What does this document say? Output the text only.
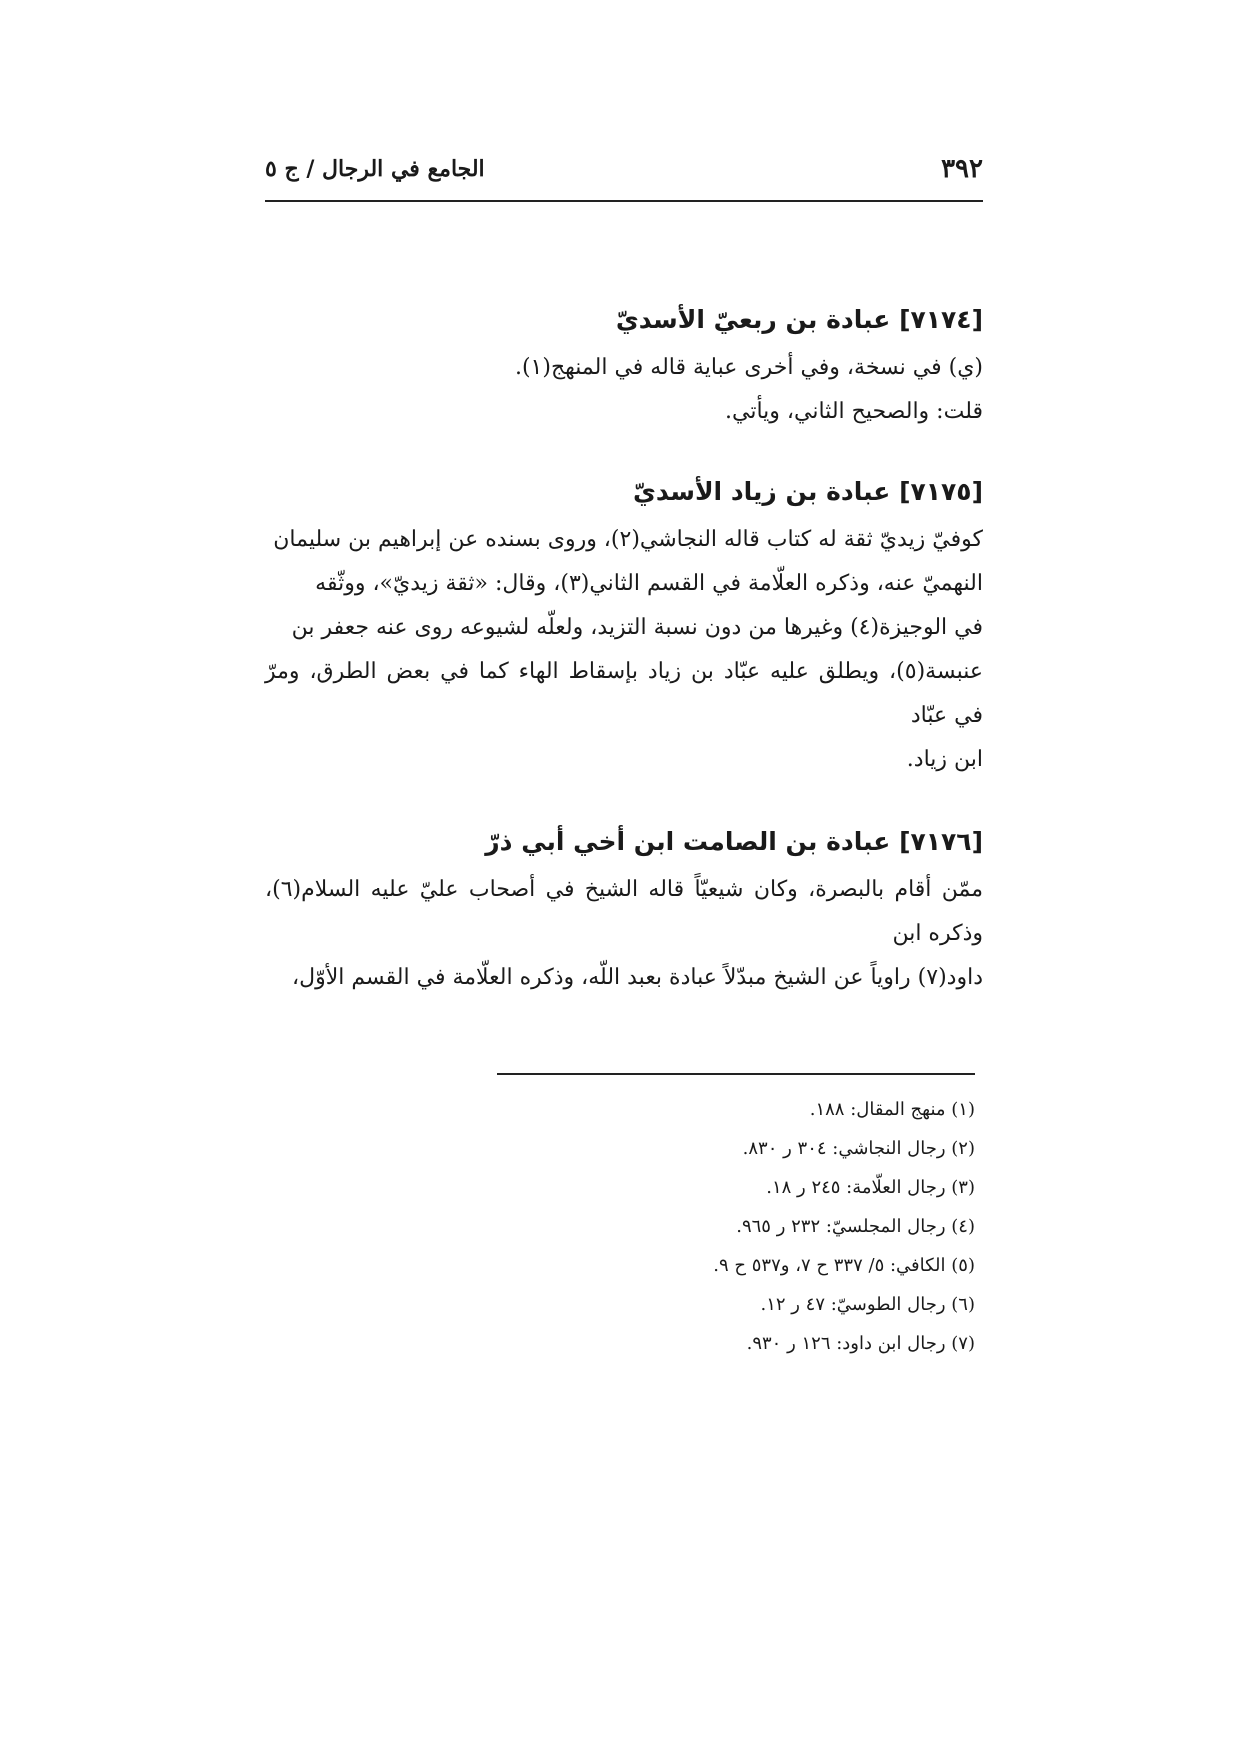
٣٩٢
الجامع في الرجال / ج ٥
[٧١٧٤] عبادة بن ربعيّ الأسديّ

(ي) في نسخة، وفي أخرى عباية قاله في المنهج(١).

قلت: والصحيح الثاني، ويأتي.

[٧١٧٥] عبادة بن زياد الأسديّ

كوفيّ زيديّ ثقة له كتاب قاله النجاشي(٢)، وروى بسنده عن إبراهيم بن سليمان

النهميّ عنه، وذكره العلّامة في القسم الثاني(٣)، وقال: «ثقة زيديّ»، ووثّقه

في الوجيزة(٤) وغيرها من دون نسبة التزيد، ولعلّه لشيوعه روى عنه جعفر بن

عنبسة(٥)، ويطلق عليه عبّاد بن زياد بإسقاط الهاء كما في بعض الطرق، ومرّ في عبّاد

ابن زياد.

[٧١٧٦] عبادة بن الصامت ابن أخي أبي ذرّ

ممّن أقام بالبصرة، وكان شيعيّاً قاله الشيخ في أصحاب عليّ عليه السلام(٦)، وذكره ابن

داود(٧) راوياً عن الشيخ مبدّلاً عبادة بعبد اللّه، وذكره العلّامة في القسم الأوّل،

(١) منهج المقال: ١٨٨.
(٢) رجال النجاشي: ٣٠٤ ر ٨٣٠.
(٣) رجال العلّامة: ٢٤٥ ر ١٨.
(٤) رجال المجلسيّ: ٢٣٢ ر ٩٦٥.
(٥) الكافي: ٥/ ٣٣٧ ح ٧، و٥٣٧ ح ٩.
(٦) رجال الطوسيّ: ٤٧ ر ١٢.
(٧) رجال ابن داود: ١٢٦ ر ٩٣٠.
